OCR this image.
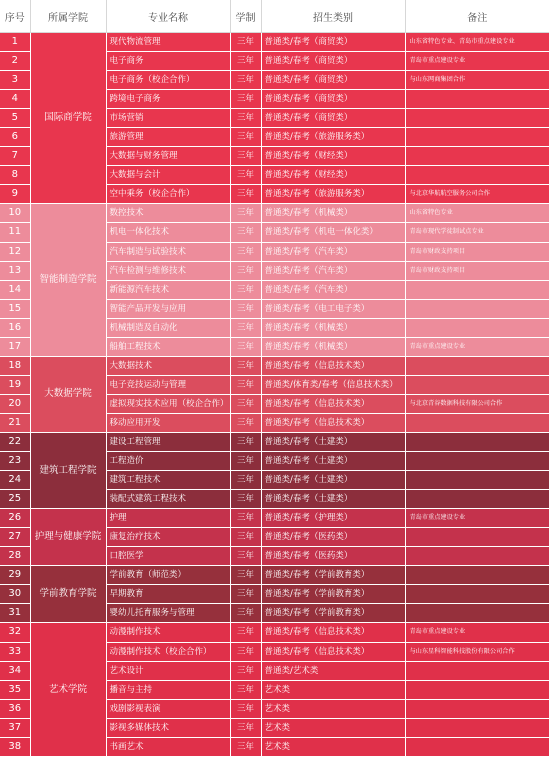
序号	所属学院	专业名称	学制	招生类别	备注
1	国际商学院	现代物流管理	三年	普通类/春考（商贸类）	山东省特色专业、青岛市重点建设专业
2		电子商务	三年	普通类/春考（商贸类）	青岛市重点建设专业
3		电子商务（校企合作）	三年	普通类/春考（商贸类）	与山东网商集团合作
4		跨境电子商务	三年	普通类/春考（商贸类）	
5		市场营销	三年	普通类/春考（商贸类）	
6		旅游管理	三年	普通类/春考（旅游服务类）	
7		大数据与财务管理	三年	普通类/春考（财经类）	
8		大数据与会计	三年	普通类/春考（财经类）	
9		空中乘务（校企合作）	三年	普通类/春考（旅游服务类）	与北京华航航空服务公司合作
10	智能制造学院	数控技术	三年	普通类/春考（机械类）	山东省特色专业
11		机电一体化技术	三年	普通类/春考（机电一体化类）	青岛市现代学徒制试点专业
12		汽车制造与试验技术	三年	普通类/春考（汽车类）	青岛市财政支持项目
13		汽车检测与维修技术	三年	普通类/春考（汽车类）	青岛市财政支持项目
14		新能源汽车技术	三年	普通类/春考（汽车类）	
15		智能产品开发与应用	三年	普通类/春考（电工电子类）	
16		机械制造及自动化	三年	普通类/春考（机械类）	
17		船舶工程技术	三年	普通类/春考（机械类）	青岛市重点建设专业
18	大数据学院	大数据技术	三年	普通类/春考（信息技术类）	
19		电子竞技运动与管理	三年	普通类/体育类/春考（信息技术类）	
20		虚拟现实技术应用（校企合作）	三年	普通类/春考（信息技术类）	与北京青谷数据科技有限公司合作
21		移动应用开发	三年	普通类/春考（信息技术类）	
22	建筑工程学院	建设工程管理	三年	普通类/春考（土建类）	
23		工程造价	三年	普通类/春考（土建类）	
24		建筑工程技术	三年	普通类/春考（土建类）	
25		装配式建筑工程技术	三年	普通类/春考（土建类）	
26	护理与健康学院	护理	三年	普通类/春考（护理类）	青岛市重点建设专业
27		康复治疗技术	三年	普通类/春考（医药类）	
28		口腔医学	三年	普通类/春考（医药类）	
29	学前教育学院	学前教育（师范类）	三年	普通类/春考（学前教育类）	
30		早期教育	三年	普通类/春考（学前教育类）	
31		婴幼儿托育服务与管理	三年	普通类/春考（学前教育类）	
32	艺术学院	动漫制作技术	三年	普通类/春考（信息技术类）	青岛市重点建设专业
33		动漫制作技术（校企合作）	三年	普通类/春考（信息技术类）	与山东星科智能科技股份有限公司合作
34		艺术设计	三年	普通类/艺术类	
35		播音与主持	三年	艺术类	
36		戏剧影视表演	三年	艺术类	
37		影视多媒体技术	三年	艺术类	
38		书画艺术	三年	艺术类	
